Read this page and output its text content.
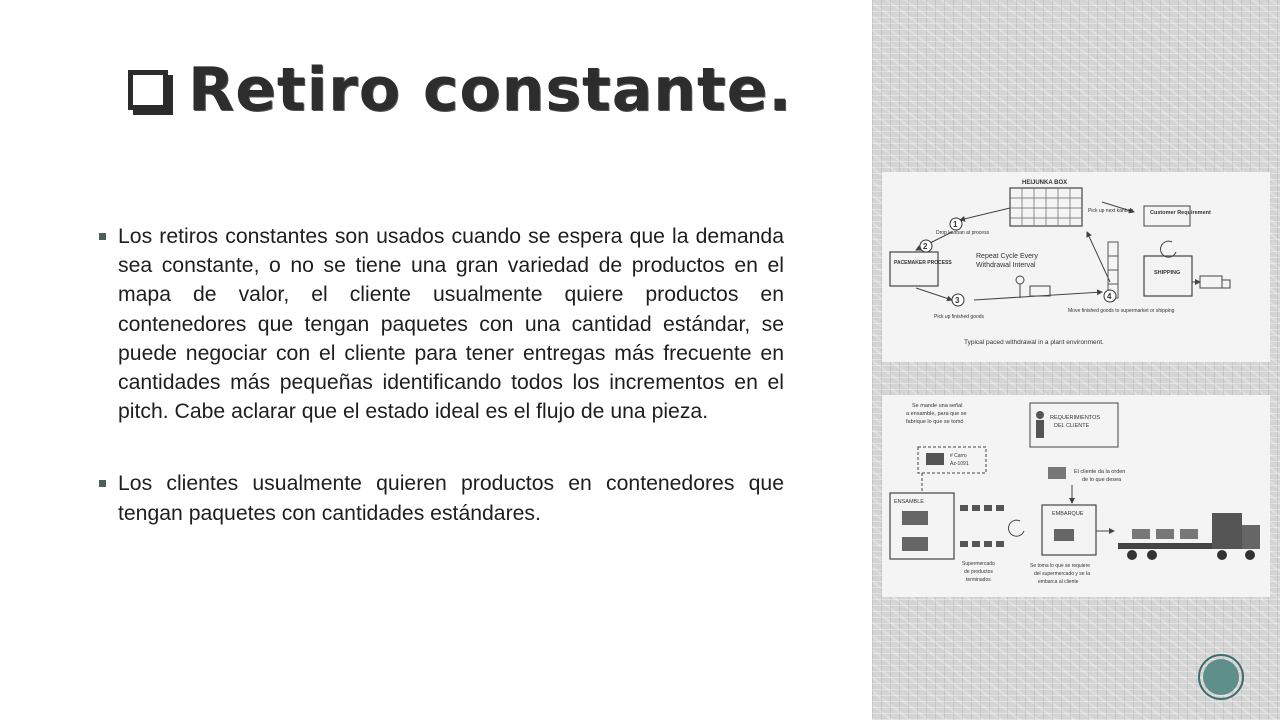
Retiro constante.
Los retiros constantes son usados cuando se espera que la demanda sea constante, o no se tiene una gran variedad de productos en el mapa de valor, el cliente usualmente quiere productos en contenedores que tengan paquetes con una cantidad estándar, se puede negociar con el cliente para tener entregas más frecuente en cantidades más pequeñas identificando todos los incrementos en el pitch. Cabe aclarar que el estado ideal es el flujo de una pieza.
Los clientes usualmente quieren productos en contenedores que tengan paquetes con cantidades estándares.
HEIJUNKA BOX
Customer Requirement
PACEMAKER PROCESS
SHIPPING
1
2
3	4
Drop kanban at process
Pick up next kanban
Repeat Cycle Every
Withdrawal Interval
Pick up finished goods
Move finished goods to supermarket or shipping
Typical paced withdrawal in a plant environment.
Se mande una señal
a ensamble, para que se
fabrique lo que se tomó
# Carro
Az-1091
REQUERIMIENTOS
DEL CLIENTE
El cliente da la orden
de lo que desea
ENSAMBLE
Supermercado
de productos
terminados
EMBARQUE
Se toma lo que se requiere
del supermercado y se la
embarca al cliente
